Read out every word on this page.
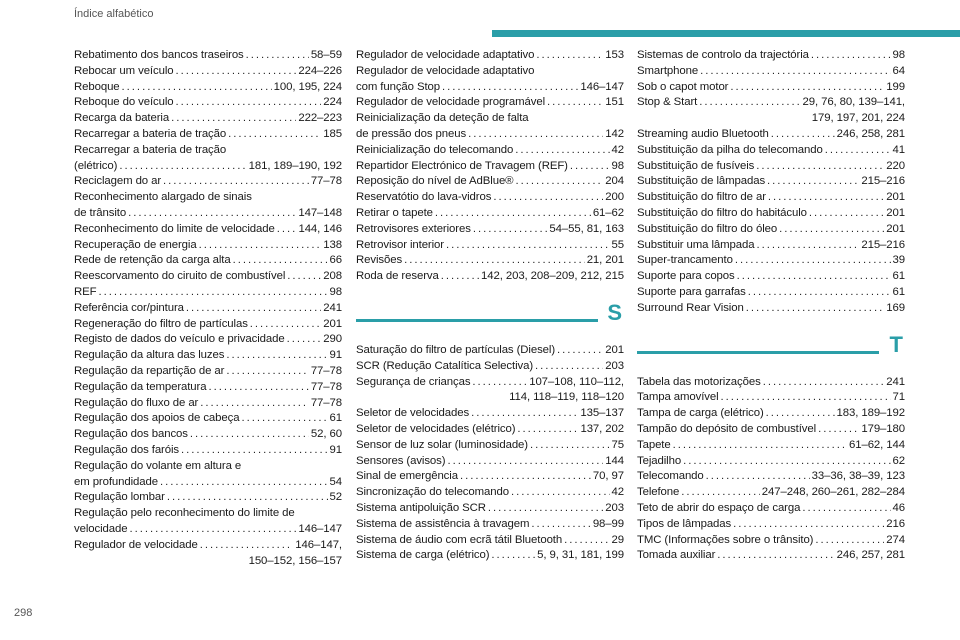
Índice alfabético
Rebatimento dos bancos traseiros . . .	58–59
Rebocar um veículo . . .	224–226
Reboque . . .	100, 195, 224
Reboque do veículo . . .	224
Recarga da bateria . . .	222–223
Recarregar a bateria de tração . . .	185
Recarregar a bateria de tração
(elétrico) . . .	181, 189–190, 192
Reciclagem do ar . . .	77–78
Reconhecimento alargado de sinais
de trânsito . . .	147–148
Reconhecimento do limite de velocidade . . . 144, 146
Recuperação de energia . . .	138
Rede de retenção da carga alta . . .	66
Reescorvamento do ciruito de combustível . . .	208
REF . . .	98
Referência cor/pintura . . .	241
Regeneração do filtro de partículas . . .	201
Registo de dados do veículo e privacidade . . .	290
Regulação da altura das luzes . . .	91
Regulação da repartição de ar . . .	77–78
Regulação da temperatura . . .	77–78
Regulação do fluxo de ar . . .	77–78
Regulação dos apoios de cabeça . . .	61
Regulação dos bancos . . .	52, 60
Regulação dos faróis . . .	91
Regulação do volante em altura e
em profundidade . . .	54
Regulação lombar . . .	52
Regulação pelo reconhecimento do limite de
velocidade . . .	146–147
Regulador de velocidade . . .	146–147,
150–152, 156–157
Regulador de velocidade adaptativo . . .	153
Regulador de velocidade adaptativo
com função Stop . . .	146–147
Regulador de velocidade programável . . .	151
Reinicialização da deteção de falta
de pressão dos pneus . . .	142
Reinicialização do telecomando . . .	42
Repartidor Electrónico de Travagem (REF) . . .	98
Reposição do nível de AdBlue® . . .	204
Reservatótio do lava-vidros . . .	200
Retirar o tapete . . .	61–62
Retrovisores exteriores . . .	54–55, 81, 163
Retrovisor interior . . .	55
Revisões . . .	21, 201
Roda de reserva . . .	142, 203, 208–209, 212, 215
S
Saturação do filtro de partículas (Diesel) . . .	201
SCR (Redução Catalítica Selectiva) . . .	203
Segurança de crianças . . .	107–108, 110–112,
114, 118–119, 118–120
Seletor de velocidades . . .	135–137
Seletor de velocidades (elétrico) . . .	137, 202
Sensor de luz solar (luminosidade) . . .	75
Sensores (avisos) . . .	144
Sinal de emergência . . .	70, 97
Sincronização do telecomando . . .	42
Sistema antipoluição SCR . . .	203
Sistema de assistência à travagem . . .	98–99
Sistema de áudio com ecrã tátil Bluetooth . . .	29
Sistema de carga (elétrico) . . .	5, 9, 31, 181, 199
Sistemas de controlo da trajectória . . .	98
Smartphone . . .	64
Sob o capot motor . . .	199
Stop & Start . . .	29, 76, 80, 139–141,
179, 197, 201, 224
Streaming audio Bluetooth . . .	246, 258, 281
Substituição da pilha do telecomando . . .	41
Substituição de fusíveis . . .	220
Substituição de lâmpadas . . .	215–216
Substituição do filtro de ar . . .	201
Substituição do filtro do habitáculo . . .	201
Substituição do filtro do óleo . . .	201
Substituir uma lâmpada . . .	215–216
Super-trancamento . . .	39
Suporte para copos . . .	61
Suporte para garrafas . . .	61
Surround Rear Vision . . .	169
T
Tabela das motorizações . . .	241
Tampa amovível . . .	71
Tampa de carga (elétrico) . . .	183, 189–192
Tampão do depósito de combustível . . .	179–180
Tapete . . .	61–62, 144
Tejadilho . . .	62
Telecomando . . .	33–36, 38–39, 123
Telefone . . .	247–248, 260–261, 282–284
Teto de abrir do espaço de carga . . .	46
Tipos de lâmpadas . . .	216
TMC (Informações sobre o trânsito) . . .	274
Tomada auxiliar . . .	246, 257, 281
298
